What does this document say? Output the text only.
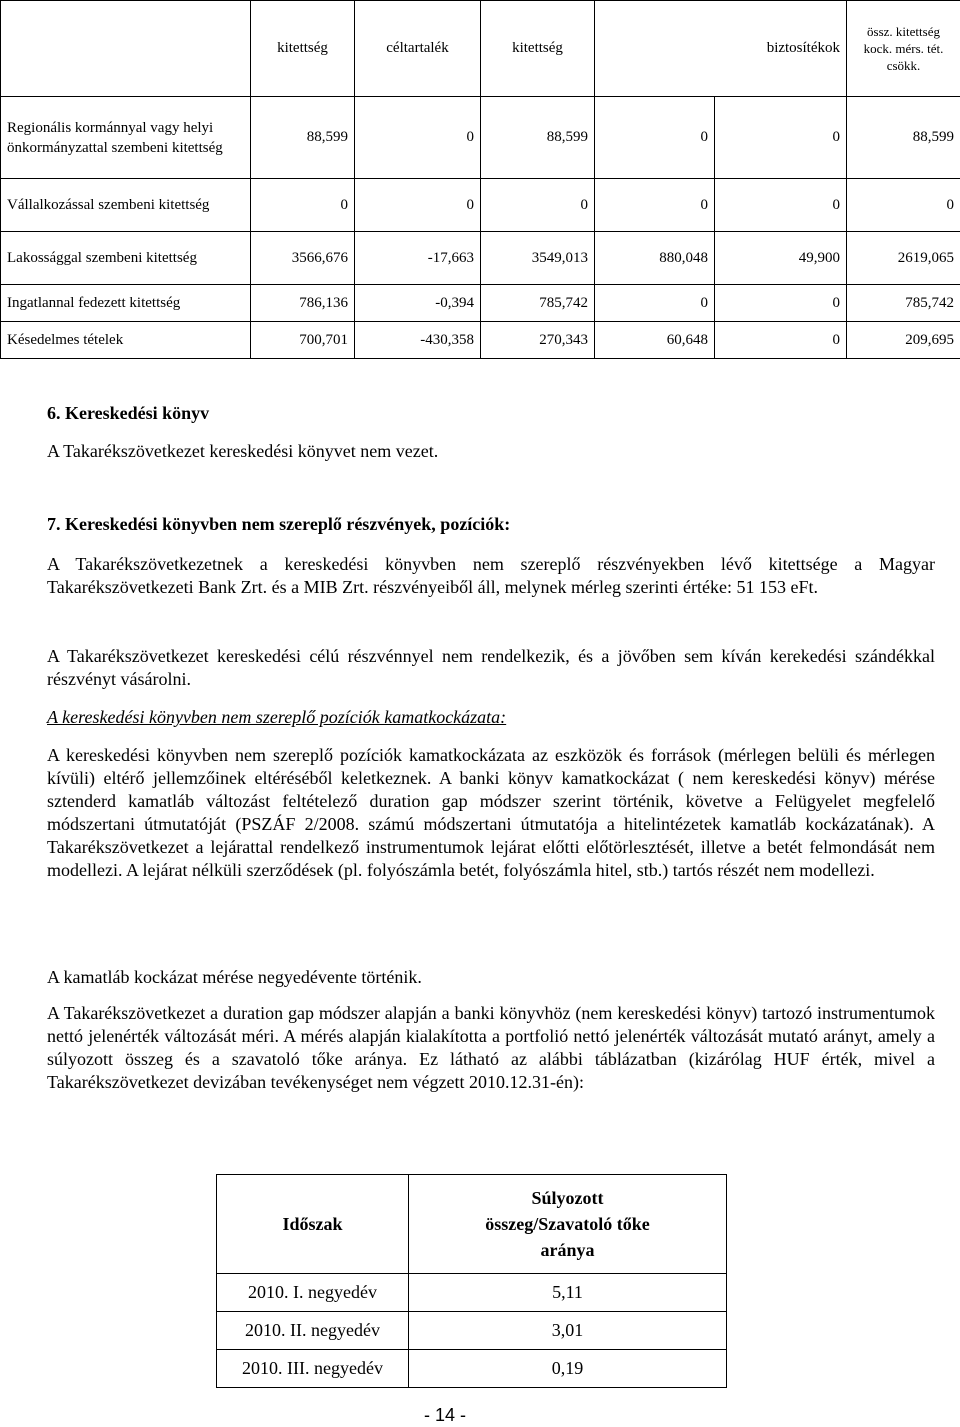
	kitettség	céltartalék	kitettség	biztosítékok		össz. kitettség kock. mérs. tét. csökk.
Regionális kormánnyal vagy helyi önkormányzattal szembeni kitettség	88,599	0	88,599	0	0	88,599
Vállalkozással szembeni kitettség	0	0	0	0	0	0
Lakossággal szembeni kitettség	3566,676	-17,663	3549,013	880,048	49,900	2619,065
Ingatlannal fedezett kitettség	786,136	-0,394	785,742	0	0	785,742
Késedelmes tételek	700,701	-430,358	270,343	60,648	0	209,695

6. Kereskedési könyv

A Takarékszövetkezet kereskedési könyvet nem vezet.

7. Kereskedési könyvben nem szereplő részvények, pozíciók:

A Takarékszövetkezetnek a kereskedési könyvben nem szereplő részvényekben lévő kitettsége a Magyar Takarékszövetkezeti Bank Zrt. és a MIB Zrt. részvényeiből áll, melynek mérleg szerinti értéke: 51 153 eFt.

A Takarékszövetkezet kereskedési célú részvénnyel nem rendelkezik, és a jövőben sem kíván kerekedési szándékkal részvényt vásárolni.

A kereskedési könyvben nem szereplő pozíciók kamatkockázata:

A kereskedési könyvben nem szereplő pozíciók kamatkockázata az eszközök és források (mérlegen belüli és mérlegen kívüli) eltérő jellemzőinek eltéréséből keletkeznek. A banki könyv kamatkockázat ( nem kereskedési könyv) mérése sztenderd kamatláb változást feltételező duration gap módszer szerint történik, követve a Felügyelet megfelelő módszertani útmutatóját (PSZÁF 2/2008. számú módszertani útmutatója a hitelintézetek kamatláb kockázatának). A Takarékszövetkezet a lejárattal rendelkező instrumentumok lejárat előtti előtörlesztését, illetve a betét felmondását nem modellezi. A lejárat nélküli szerződések (pl. folyószámla betét, folyószámla hitel, stb.) tartós részét nem modellezi.

A kamatláb kockázat mérése negyedévente történik.

A Takarékszövetkezet a duration gap módszer alapján a banki könyvhöz (nem kereskedési könyv) tartozó instrumentumok nettó jelenérték változását méri. A mérés alapján kialakította a portfolió nettó jelenérték változását mutató arányt, amely a súlyozott összeg és a szavatoló tőke aránya. Ez látható az alábbi táblázatban (kizárólag HUF érték, mivel a Takarékszövetkezet devizában tevékenységet nem végzett 2010.12.31-én):

Időszak	Súlyozott összeg/Szavatoló tőke aránya
2010. I. negyedév	5,11
2010. II. negyedév	3,01
2010. III. negyedév	0,19
- 14 -
